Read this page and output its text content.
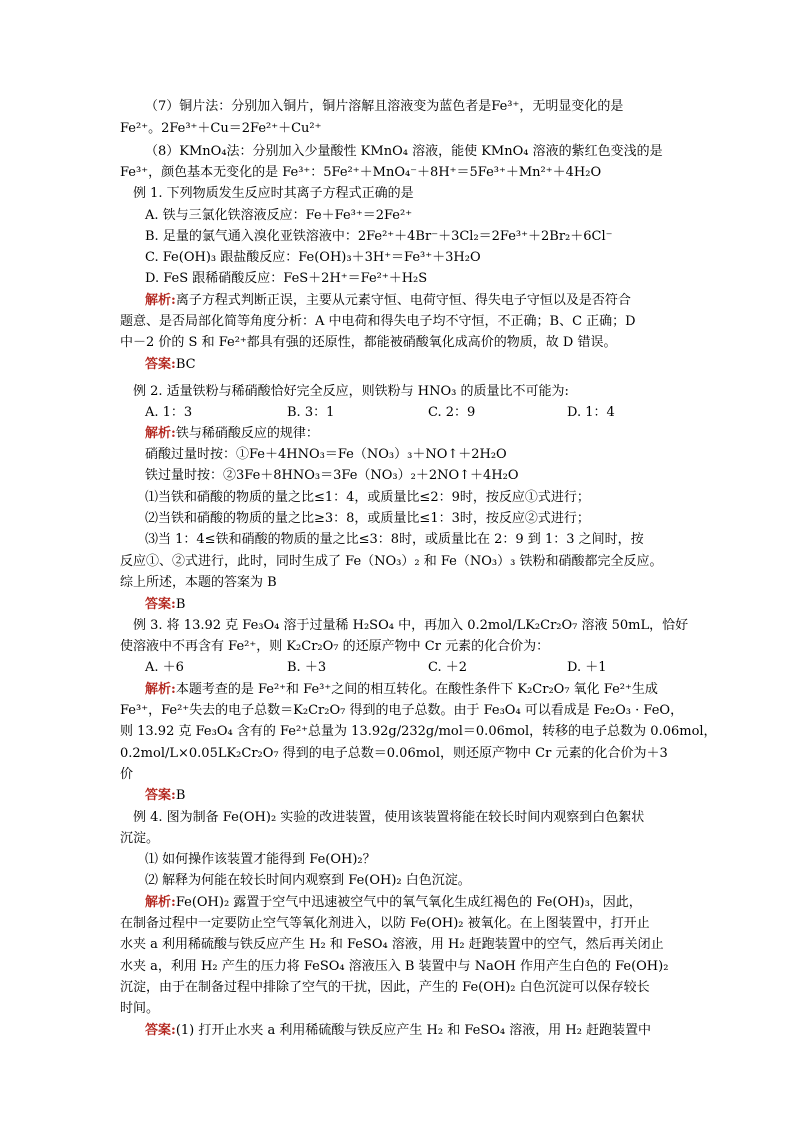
（7）铜片法：分别加入铜片，铜片溶解且溶液变为蓝色者是Fe³⁺，无明显变化的是
Fe²⁺。2Fe³⁺＋Cu＝2Fe²⁺＋Cu²⁺
（8）KMnO₄法：分别加入少量酸性 KMnO₄ 溶液，能使 KMnO₄ 溶液的紫红色变浅的是
Fe³⁺，颜色基本无变化的是 Fe³⁺：5Fe²⁺＋MnO₄⁻＋8H⁺＝5Fe³⁺＋Mn²⁺＋4H₂O
例 1. 下列物质发生反应时其离子方程式正确的是
A. 铁与三氯化铁溶液反应：Fe＋Fe³⁺＝2Fe²⁺
B. 足量的氯气通入溴化亚铁溶液中：2Fe²⁺＋4Br⁻＋3Cl₂＝2Fe³⁺＋2Br₂＋6Cl⁻
C. Fe(OH)₃ 跟盐酸反应：Fe(OH)₃＋3H⁺＝Fe³⁺＋3H₂O
D. FeS 跟稀硝酸反应：FeS＋2H⁺＝Fe²⁺＋H₂S
解析:离子方程式判断正误，主要从元素守恒、电荷守恒、得失电子守恒以及是否符合
题意、是否局部化简等角度分析：A 中电荷和得失电子均不守恒，不正确；B、C 正确；D
中－2 价的 S 和 Fe²⁺都具有强的还原性，都能被硝酸氧化成高价的物质，故 D 错误。
答案:BC
例 2. 适量铁粉与稀硝酸恰好完全反应，则铁粉与 HNO₃ 的质量比不可能为:
A. 1：3	B. 3：1	C. 2：9	D. 1：4
解析:铁与稀硝酸反应的规律：
硝酸过量时按：①Fe＋4HNO₃＝Fe（NO₃）₃＋NO↑＋2H₂O
铁过量时按：②3Fe＋8HNO₃＝3Fe（NO₃）₂＋2NO↑＋4H₂O
⑴当铁和硝酸的物质的量之比≤1：4，或质量比≤2：9时，按反应①式进行；
⑵当铁和硝酸的物质的量之比≥3：8，或质量比≤1：3时，按反应②式进行；
⑶当 1：4≤铁和硝酸的物质的量之比≤3：8时，或质量比在 2：9 到 1：3 之间时，按
反应①、②式进行，此时，同时生成了 Fe（NO₃）₂ 和 Fe（NO₃）₃ 铁粉和硝酸都完全反应。
综上所述，本题的答案为 B
答案:B
例 3. 将 13.92 克 Fe₃O₄ 溶于过量稀 H₂SO₄ 中，再加入 0.2mol/LK₂Cr₂O₇ 溶液 50mL，恰好
使溶液中不再含有 Fe²⁺，则 K₂Cr₂O₇ 的还原产物中 Cr 元素的化合价为：
A. ＋6	B. ＋3	C. ＋2	D. ＋1
解析:本题考查的是 Fe²⁺和 Fe³⁺之间的相互转化。在酸性条件下 K₂Cr₂O₇ 氧化 Fe²⁺生成
Fe³⁺，Fe²⁺失去的电子总数＝K₂Cr₂O₇ 得到的电子总数。由于 Fe₃O₄ 可以看成是 Fe₂O₃ · FeO，
则 13.92 克 Fe₃O₄ 含有的 Fe²⁺总量为 13.92g/232g/mol＝0.06mol，转移的电子总数为 0.06mol，
0.2mol/L×0.05LK₂Cr₂O₇ 得到的电子总数＝0.06mol，则还原产物中 Cr 元素的化合价为＋3
价
答案:B
例 4. 图为制备 Fe(OH)₂ 实验的改进装置，使用该装置将能在较长时间内观察到白色絮状
沉淀。
⑴ 如何操作该装置才能得到 Fe(OH)₂？
⑵ 解释为何能在较长时间内观察到 Fe(OH)₂ 白色沉淀。
解析:Fe(OH)₂ 露置于空气中迅速被空气中的氧气氧化生成红褐色的 Fe(OH)₃，因此，
在制备过程中一定要防止空气等氧化剂进入，以防 Fe(OH)₂ 被氧化。在上图装置中，打开止
水夹 a 利用稀硫酸与铁反应产生 H₂ 和 FeSO₄ 溶液，用 H₂ 赶跑装置中的空气，然后再关闭止
水夹 a，利用 H₂ 产生的压力将 FeSO₄ 溶液压入 B 装置中与 NaOH 作用产生白色的 Fe(OH)₂
沉淀，由于在制备过程中排除了空气的干扰，因此，产生的 Fe(OH)₂ 白色沉淀可以保存较长
时间。
答案:(1) 打开止水夹 a 利用稀硫酸与铁反应产生 H₂ 和 FeSO₄ 溶液，用 H₂ 赶跑装置中
